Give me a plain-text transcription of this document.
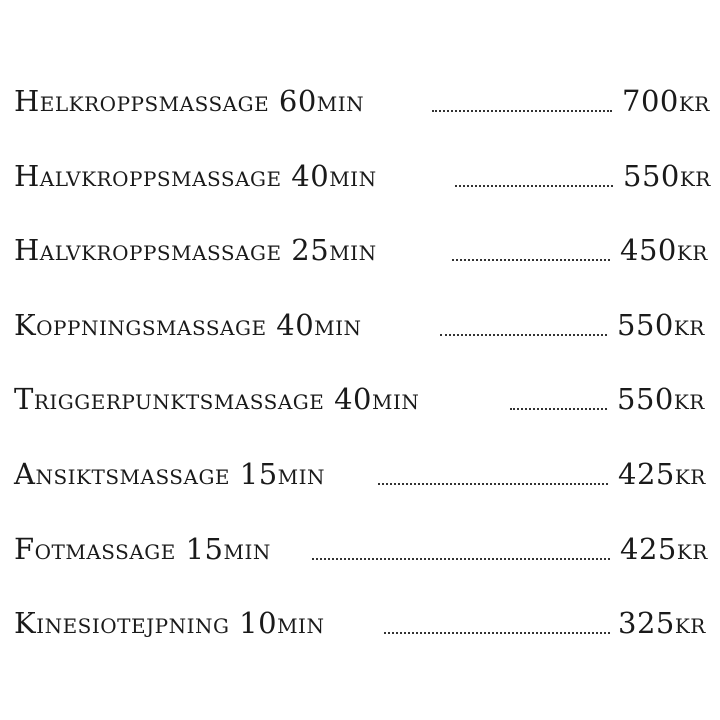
Helkroppsmassage 60min	700kr
Halvkroppsmassage 40min	550kr
Halvkroppsmassage 25min	450kr
Koppningsmassage 40min	550kr
Triggerpunktsmassage 40min	550kr
Ansiktsmassage 15min	425kr
Fotmassage 15min	425kr
Kinesiotejpning 10min	325kr
